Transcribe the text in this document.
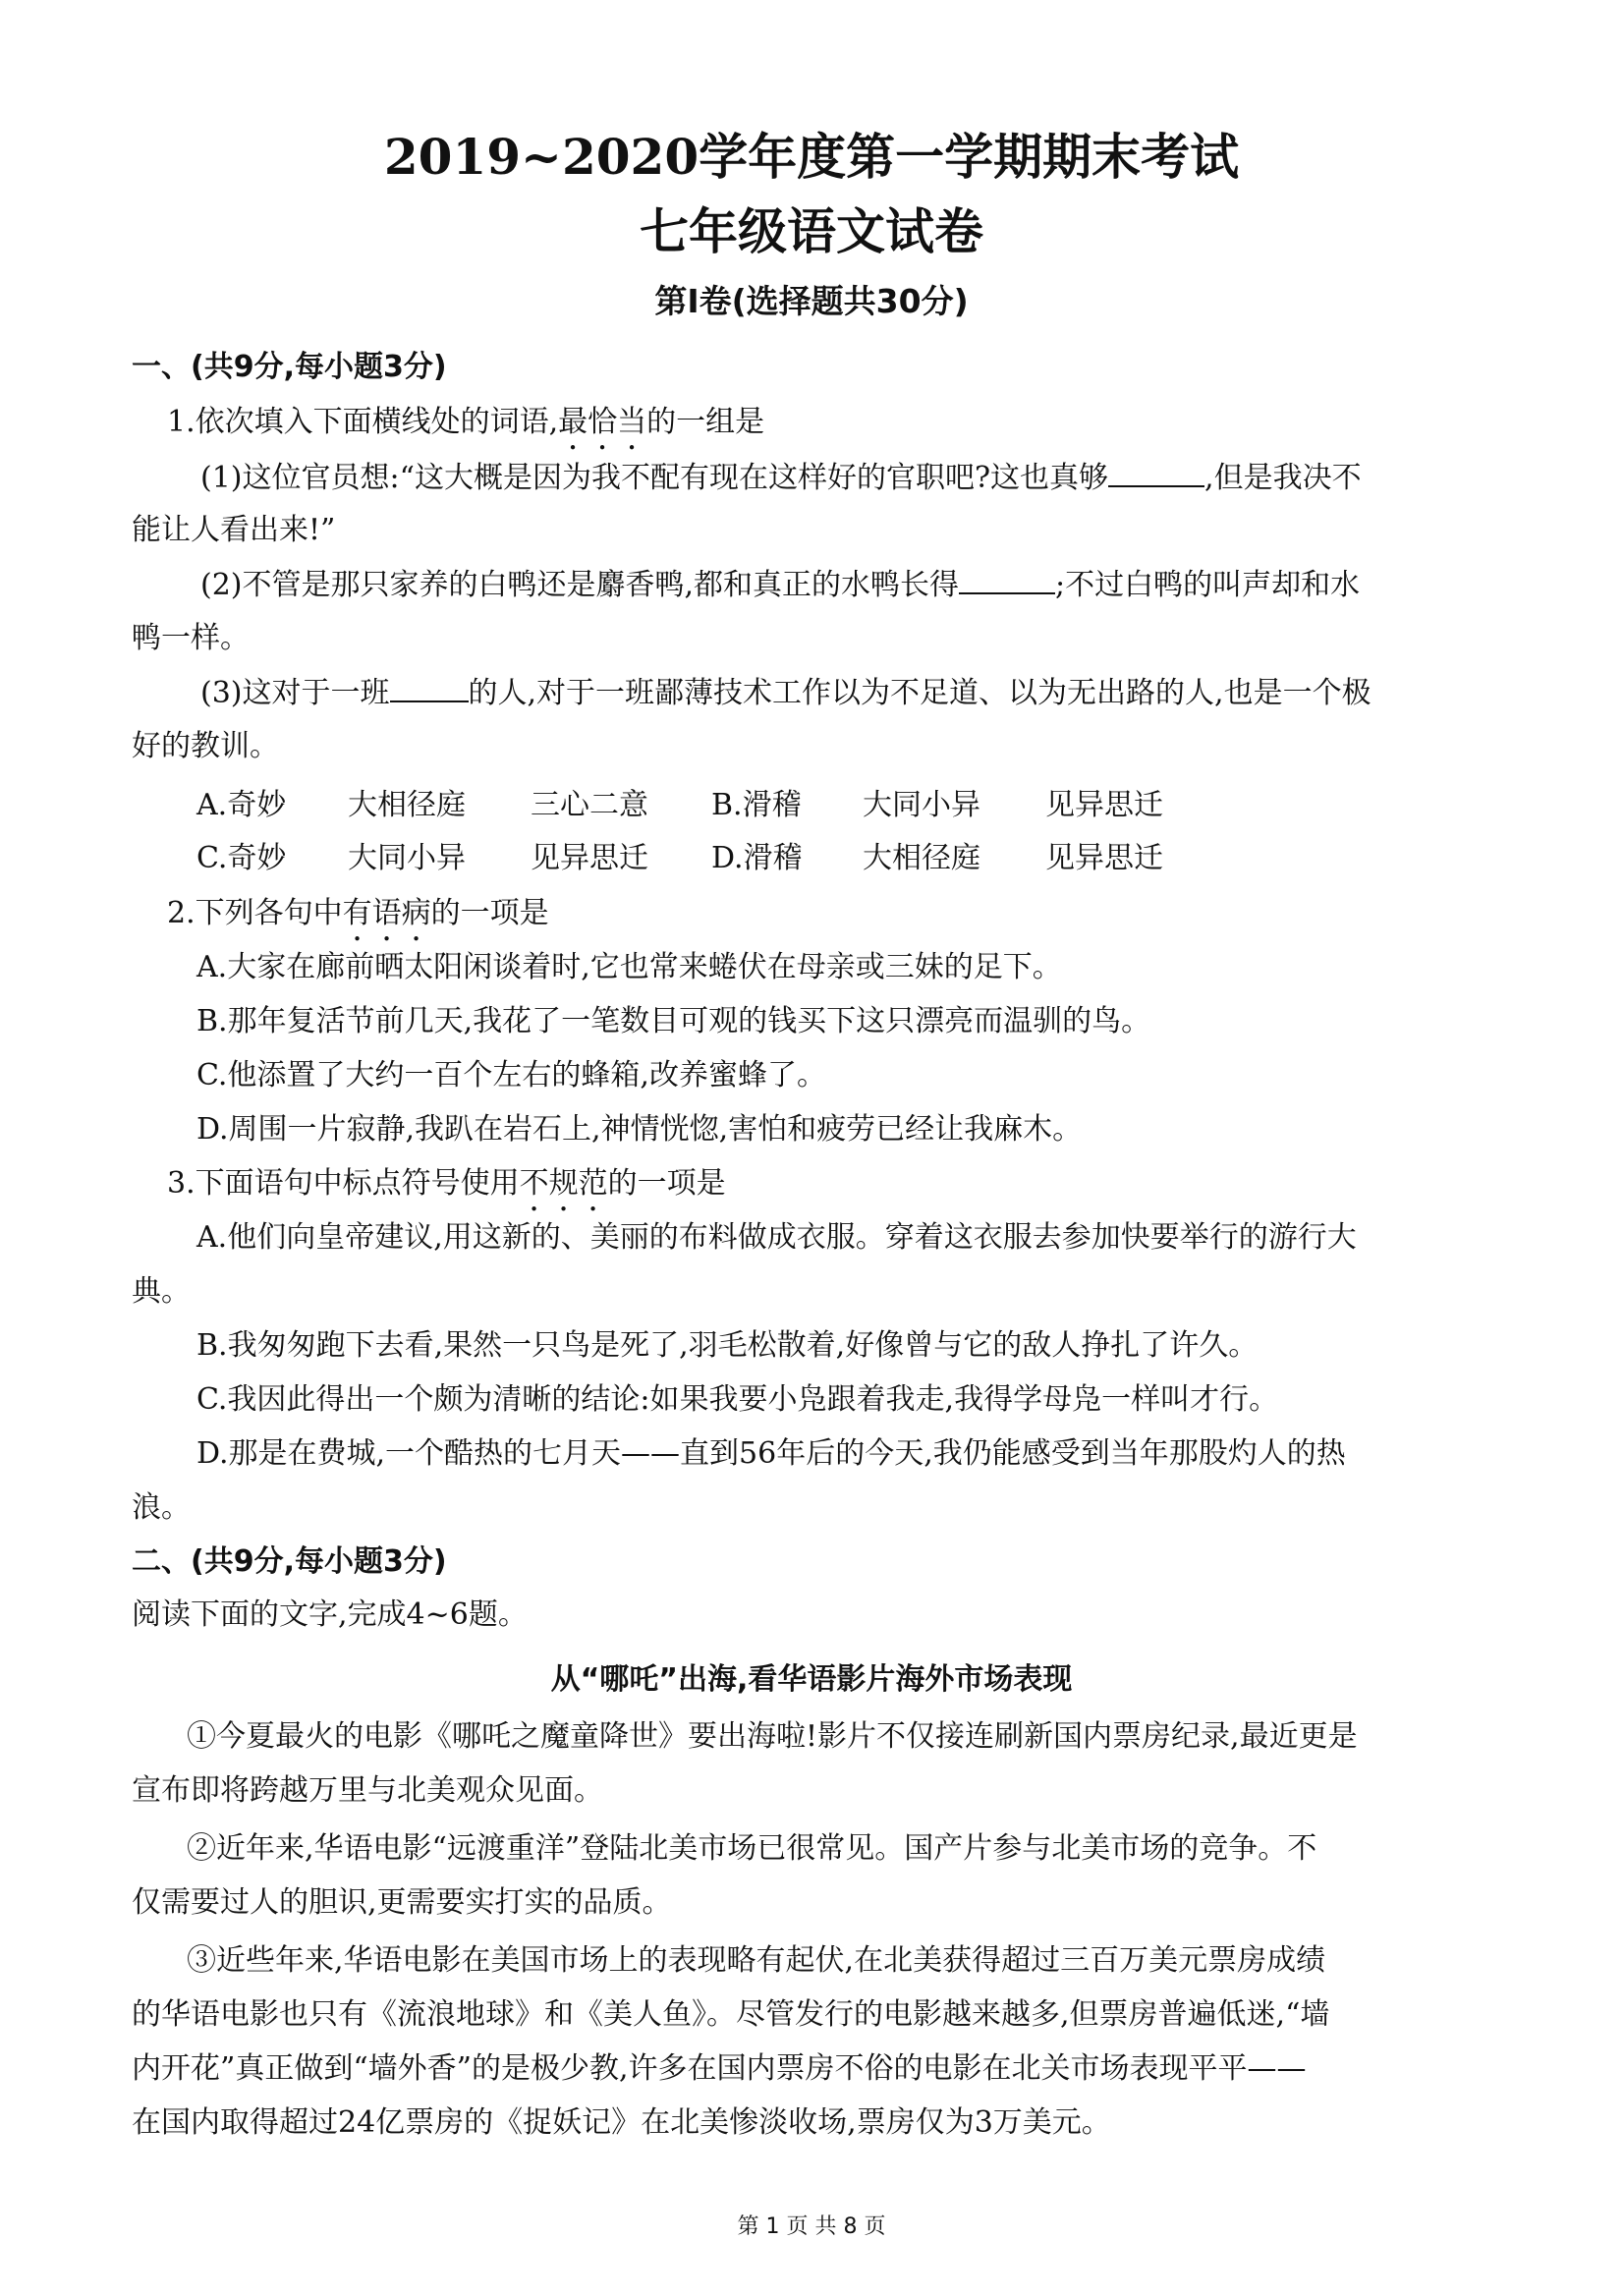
2019~2020学年度第一学期期末考试
七年级语文试卷
第Ⅰ卷(选择题共30分)
一、(共9分,每小题3分)
1.依次填入下面横线处的词语,最恰当的一组是
(1)这位官员想:“这大概是因为我不配有现在这样好的官职吧?这也真够	,但是我决不
能让人看出来!”
(2)不管是那只家养的白鸭还是麝香鸭,都和真正的水鸭长得	;不过白鸭的叫声却和水
鸭一样。
(3)这对于一班	的人,对于一班鄙薄技术工作以为不足道、以为无出路的人,也是一个极
好的教训。
A.奇妙 大相径庭 三心二意 B.滑稽 大同小异 见异思迁
C.奇妙 大同小异 见异思迁 D.滑稽 大相径庭 见异思迁
2.下列各句中有语病的一项是
A.大家在廊前晒太阳闲谈着时,它也常来蜷伏在母亲或三妹的足下。
B.那年复活节前几天,我花了一笔数目可观的钱买下这只漂亮而温驯的鸟。
C.他添置了大约一百个左右的蜂箱,改养蜜蜂了。
D.周围一片寂静,我趴在岩石上,神情恍惚,害怕和疲劳已经让我麻木。
3.下面语句中标点符号使用不规范的一项是
A.他们向皇帝建议,用这新的、美丽的布料做成衣服。穿着这衣服去参加快要举行的游行大
典。
B.我匆匆跑下去看,果然一只鸟是死了,羽毛松散着,好像曾与它的敌人挣扎了许久。
C.我因此得出一个颇为清晰的结论:如果我要小凫跟着我走,我得学母凫一样叫才行。
D.那是在费城,一个酷热的七月天——直到56年后的今天,我仍能感受到当年那股灼人的热
浪。
二、(共9分,每小题3分)
阅读下面的文字,完成4~6题。
从“哪吒”出海,看华语影片海外市场表现
①今夏最火的电影《哪吒之魔童降世》要出海啦!影片不仅接连刷新国内票房纪录,最近更是
宣布即将跨越万里与北美观众见面。
②近年来,华语电影“远渡重洋”登陆北美市场已很常见。国产片参与北美市场的竞争。不
仅需要过人的胆识,更需要实打实的品质。
③近些年来,华语电影在美国市场上的表现略有起伏,在北美获得超过三百万美元票房成绩
的华语电影也只有《流浪地球》和《美人鱼》。尽管发行的电影越来越多,但票房普遍低迷,“墙
内开花”真正做到“墙外香”的是极少教,许多在国内票房不俗的电影在北关市场表现平平——
在国内取得超过24亿票房的《捉妖记》在北美惨淡收场,票房仅为3万美元。
第 1 页 共 8 页
